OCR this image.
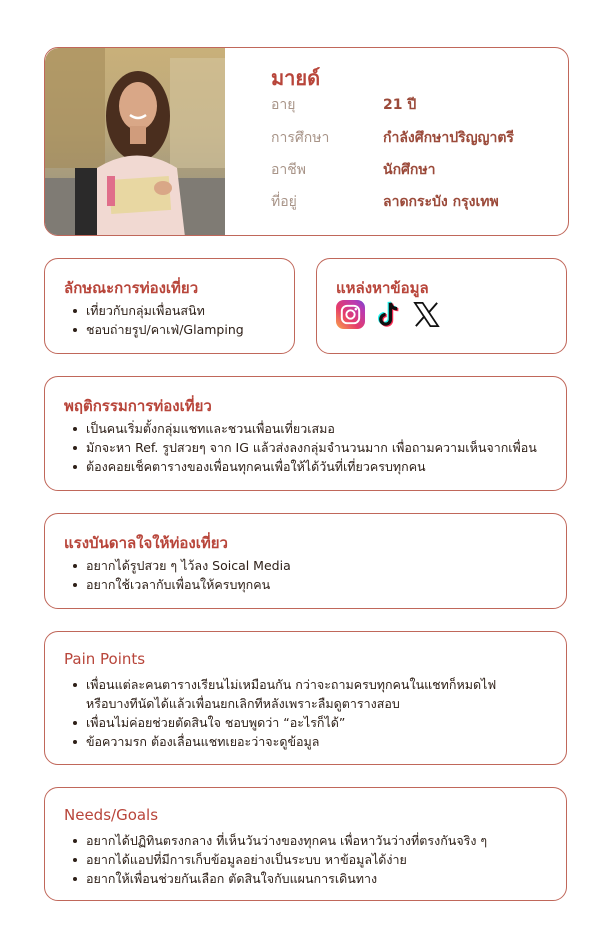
มายด์
อายุ	21 ปี
การศึกษา	กำลังศึกษาปริญญาตรี
อาชีพ	นักศึกษา
ที่อยู่	ลาดกระบัง กรุงเทพ
ลักษณะการท่องเที่ยว
เที่ยวกับกลุ่มเพื่อนสนิท
ชอบถ่ายรูป/คาเฟ่/Glamping
แหล่งหาข้อมูล
พฤติกรรมการท่องเที่ยว
เป็นคนเริ่มตั้งกลุ่มแชทและชวนเพื่อนเที่ยวเสมอ
มักจะหา Ref. รูปสวยๆ จาก IG แล้วส่งลงกลุ่มจำนวนมาก เพื่อถามความเห็นจากเพื่อน
ต้องคอยเช็คตารางของเพื่อนทุกคนเพื่อให้ได้วันที่เที่ยวครบทุกคน
แรงบันดาลใจให้ท่องเที่ยว
อยากได้รูปสวย ๆ ไว้ลง Soical Media
อยากใช้เวลากับเพื่อนให้ครบทุกคน
Pain Points
เพื่อนแต่ละคนตารางเรียนไม่เหมือนกัน กว่าจะถามครบทุกคนในแชทก็หมดไฟ
หรือบางทีนัดได้แล้วเพื่อนยกเลิกทีหลังเพราะลืมดูตารางสอบ
เพื่อนไม่ค่อยช่วยตัดสินใจ ชอบพูดว่า “อะไรก็ได้”
ข้อความรก ต้องเลื่อนแชทเยอะว่าจะดูข้อมูล
Needs/Goals
อยากได้ปฏิทินตรงกลาง ที่เห็นวันว่างของทุกคน เพื่อหาวันว่างที่ตรงกันจริง ๆ
อยากได้แอปที่มีการเก็บข้อมูลอย่างเป็นระบบ หาข้อมูลได้ง่าย
อยากให้เพื่อนช่วยกันเลือก ตัดสินใจกับแผนการเดินทาง
